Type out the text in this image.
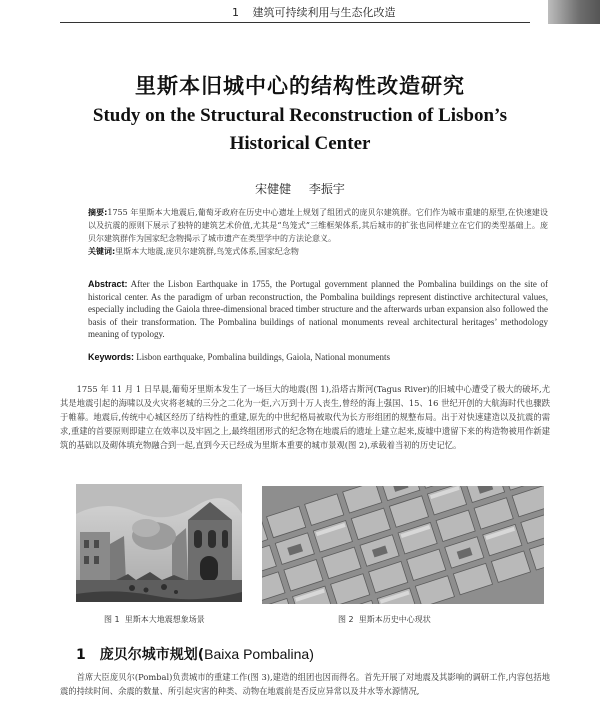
1 建筑可持续利用与生态化改造
里斯本旧城中心的结构性改造研究
Study on the Structural Reconstruction of Lisbon’s Historical Center
宋健健 李振宇

摘要:1755 年里斯本大地震后,葡萄牙政府在历史中心遗址上规划了组团式的庞贝尔建筑群。它们作为城市重建的原型,在快速建设以及抗震的原则下展示了独特的建筑艺术价值,尤其是“鸟笼式”三维框架体系,其后城市的扩张也同样建立在它们的类型基础上。庞贝尔建筑群作为国家纪念物揭示了城市遗产在类型学中的方法论意义。

关键词:里斯本大地震,庞贝尔建筑群,鸟笼式体系,国家纪念物

Abstract: After the Lisbon Earthquake in 1755, the Portugal government planned the Pombalina buildings on the site of historical center. As the paradigm of urban reconstruction, the Pombalina buildings represent distinctive architectural values, especially including the Gaiola three-dimensional braced timber structure and the afterwards urban expansion also followed the basis of their transformation. The Pombalina buildings of national monuments reveal architectural heritages’ methodology meaning of typology.
Keywords: Lisbon earthquake, Pombalina buildings, Gaiola, National monuments
1755 年 11 月 1 日早晨,葡萄牙里斯本发生了一场巨大的地震(图 1),沿塔古斯河(Tagus River)的旧城中心遭受了极大的破坏,尤其是地震引起的海啸以及火灾将老城的三分之二化为一炬,六万到十万人丧生,曾经的海上强国、15、16 世纪开创的大航海时代也骤跌于帷幕。地震后,传统中心城区经历了结构性的重建,原先的中世纪格局被取代为长方形组团的规整布局。出于对快速建造以及抗震的需求,重建的首要原则即建立在效率以及牢固之上,最终组团形式的纪念物在地震后的遗址上建立起来,废墟中遗留下来的构造物被用作新建筑的基础以及砌体填充物融合到一起,直到今天已经成为里斯本重要的城市景观(图 2),承载着当初的历史记忆。
图 1 里斯本大地震想象场景	图 2 里斯本历史中心现状
1 庞贝尔城市规划(Baixa Pombalina)
首席大臣庞贝尔(Pombal)负责城市的重建工作(图 3),建造的组团也因而得名。首先开展了对地震及其影响的调研工作,内容包括地震的持续时间、余震的数量、所引起灾害的种类、动物在地震前是否反应异常以及井水等水源情况,
